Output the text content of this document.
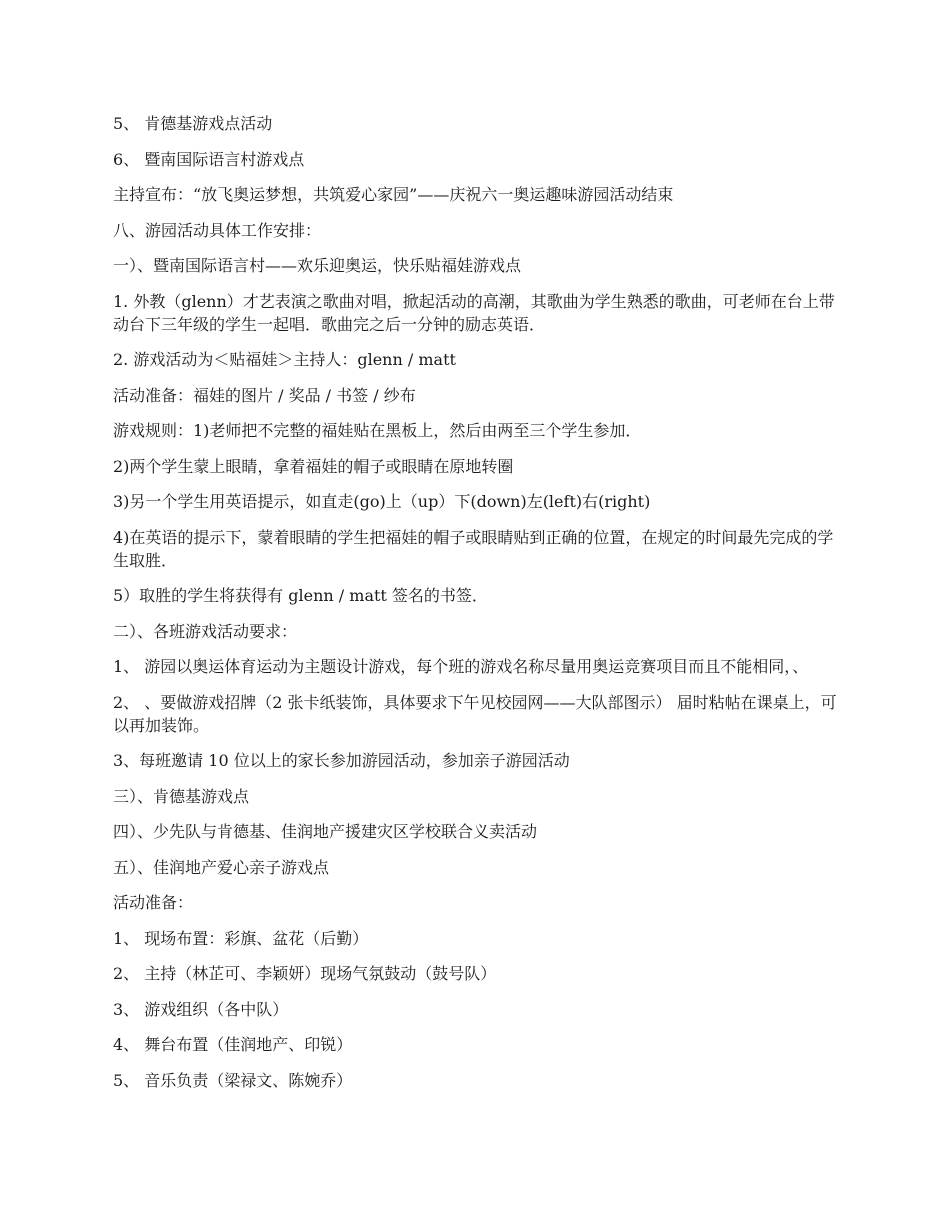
5、 肯德基游戏点活动

6、 暨南国际语言村游戏点

主持宣布：“放飞奥运梦想，共筑爱心家园”——庆祝六一奥运趣味游园活动结束

八、游园活动具体工作安排：

一）、暨南国际语言村——欢乐迎奥运，快乐贴福娃游戏点

1. 外教（glenn）才艺表演之歌曲对唱，掀起活动的高潮，其歌曲为学生熟悉的歌曲，可老师在台上带动台下三年级的学生一起唱．歌曲完之后一分钟的励志英语．

2. 游戏活动为＜贴福娃＞主持人：glenn / matt

活动准备：福娃的图片 / 奖品 / 书签 / 纱布

游戏规则：1)老师把不完整的福娃贴在黑板上，然后由两至三个学生参加．

2)两个学生蒙上眼睛，拿着福娃的帽子或眼睛在原地转圈

3)另一个学生用英语提示，如直走(go)上（up）下(down)左(left)右(right)

4)在英语的提示下，蒙着眼睛的学生把福娃的帽子或眼睛贴到正确的位置，在规定的时间最先完成的学生取胜．

5）取胜的学生将获得有 glenn / matt 签名的书签．

二）、各班游戏活动要求：

1、 游园以奥运体育运动为主题设计游戏，每个班的游戏名称尽量用奥运竞赛项目而且不能相同，、

2、 、要做游戏招牌（2 张卡纸装饰，具体要求下午见校园网——大队部图示） 届时粘帖在课桌上，可以再加装饰。

3、每班邀请 10 位以上的家长参加游园活动，参加亲子游园活动

三）、肯德基游戏点

四）、少先队与肯德基、佳润地产援建灾区学校联合义卖活动

五）、佳润地产爱心亲子游戏点

活动准备：

1、 现场布置：彩旗、盆花（后勤）

2、 主持（林芷可、李颖妍）现场气氛鼓动（鼓号队）

3、 游戏组织（各中队）

4、 舞台布置（佳润地产、印锐）

5、 音乐负责（梁禄文、陈婉乔）
